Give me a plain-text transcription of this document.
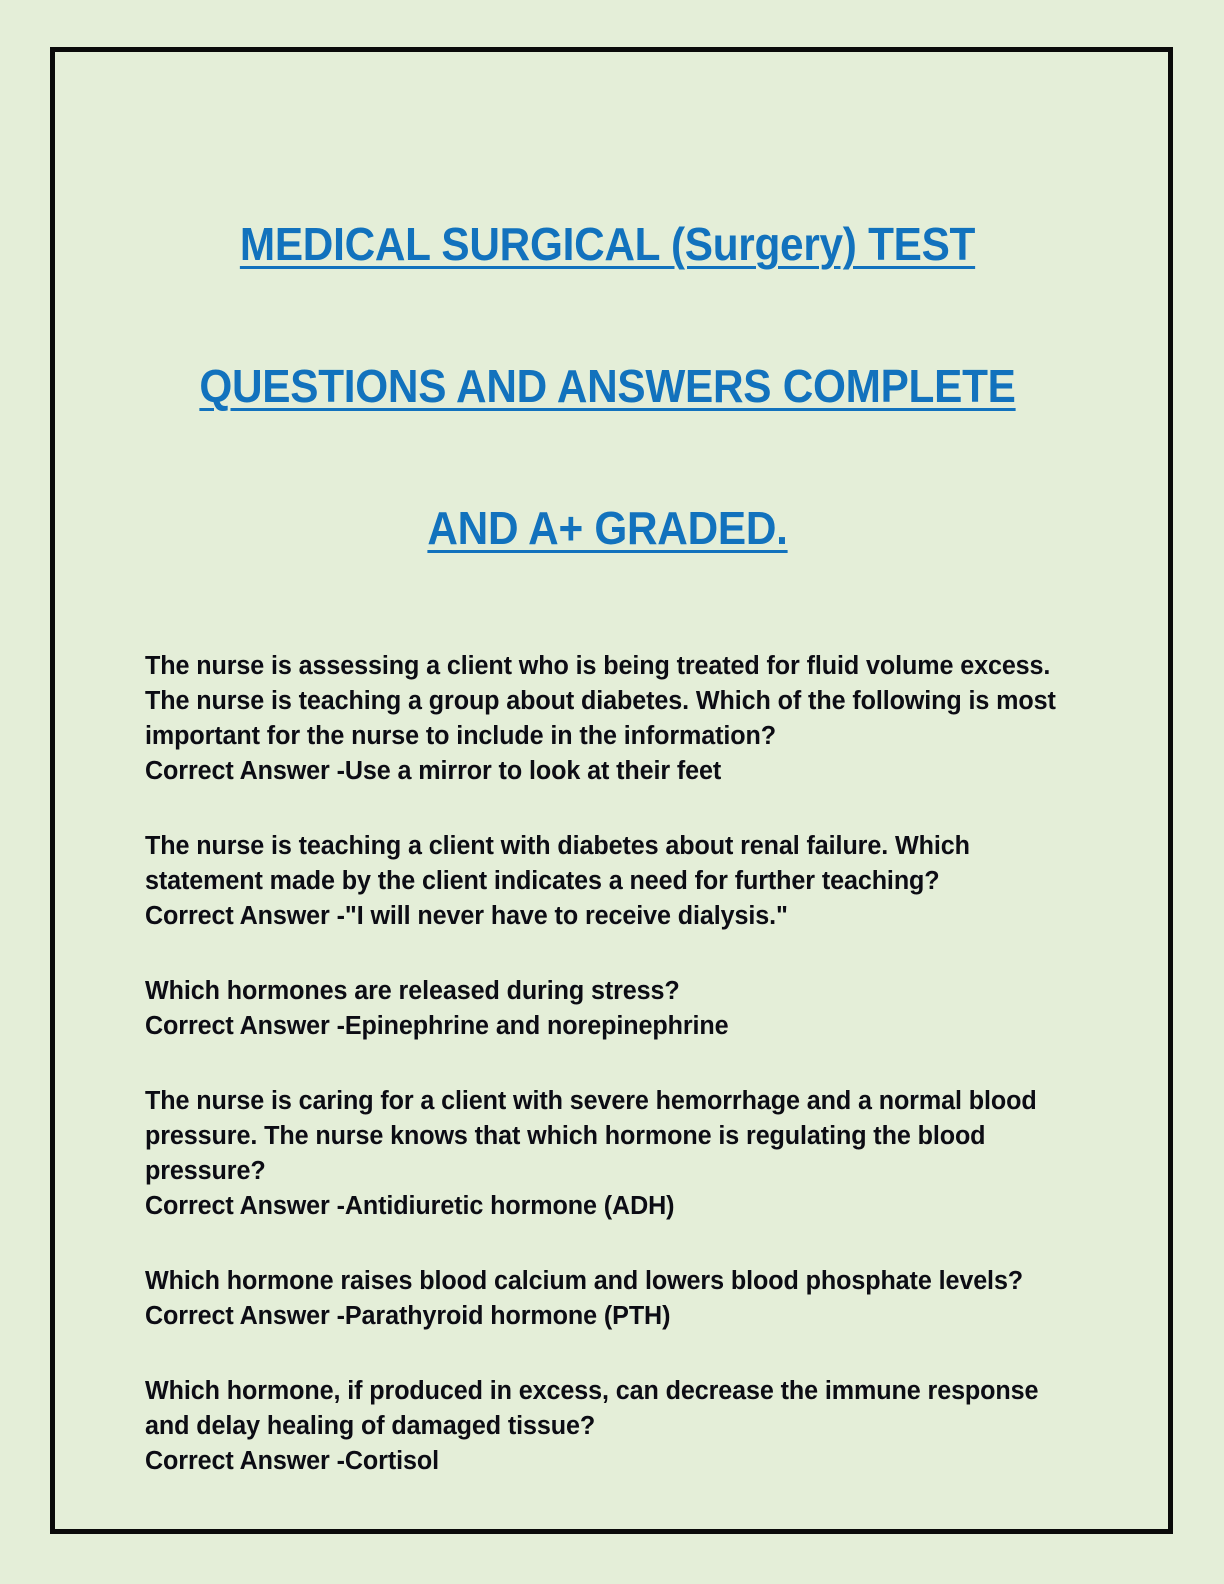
MEDICAL SURGICAL (Surgery) TEST

QUESTIONS AND ANSWERS COMPLETE

AND A+ GRADED.

The nurse is assessing a client who is being treated for fluid volume excess. The nurse is teaching a group about diabetes. Which of the following is most important for the nurse to include in the information?
Correct Answer -Use a mirror to look at their feet
The nurse is teaching a client with diabetes about renal failure. Which statement made by the client indicates a need for further teaching?
Correct Answer -"I will never have to receive dialysis."
Which hormones are released during stress?
Correct Answer -Epinephrine and norepinephrine
The nurse is caring for a client with severe hemorrhage and a normal blood pressure. The nurse knows that which hormone is regulating the blood pressure?
Correct Answer -Antidiuretic hormone (ADH)
Which hormone raises blood calcium and lowers blood phosphate levels?
Correct Answer -Parathyroid hormone (PTH)
Which hormone, if produced in excess, can decrease the immune response and delay healing of damaged tissue?
Correct Answer -Cortisol
